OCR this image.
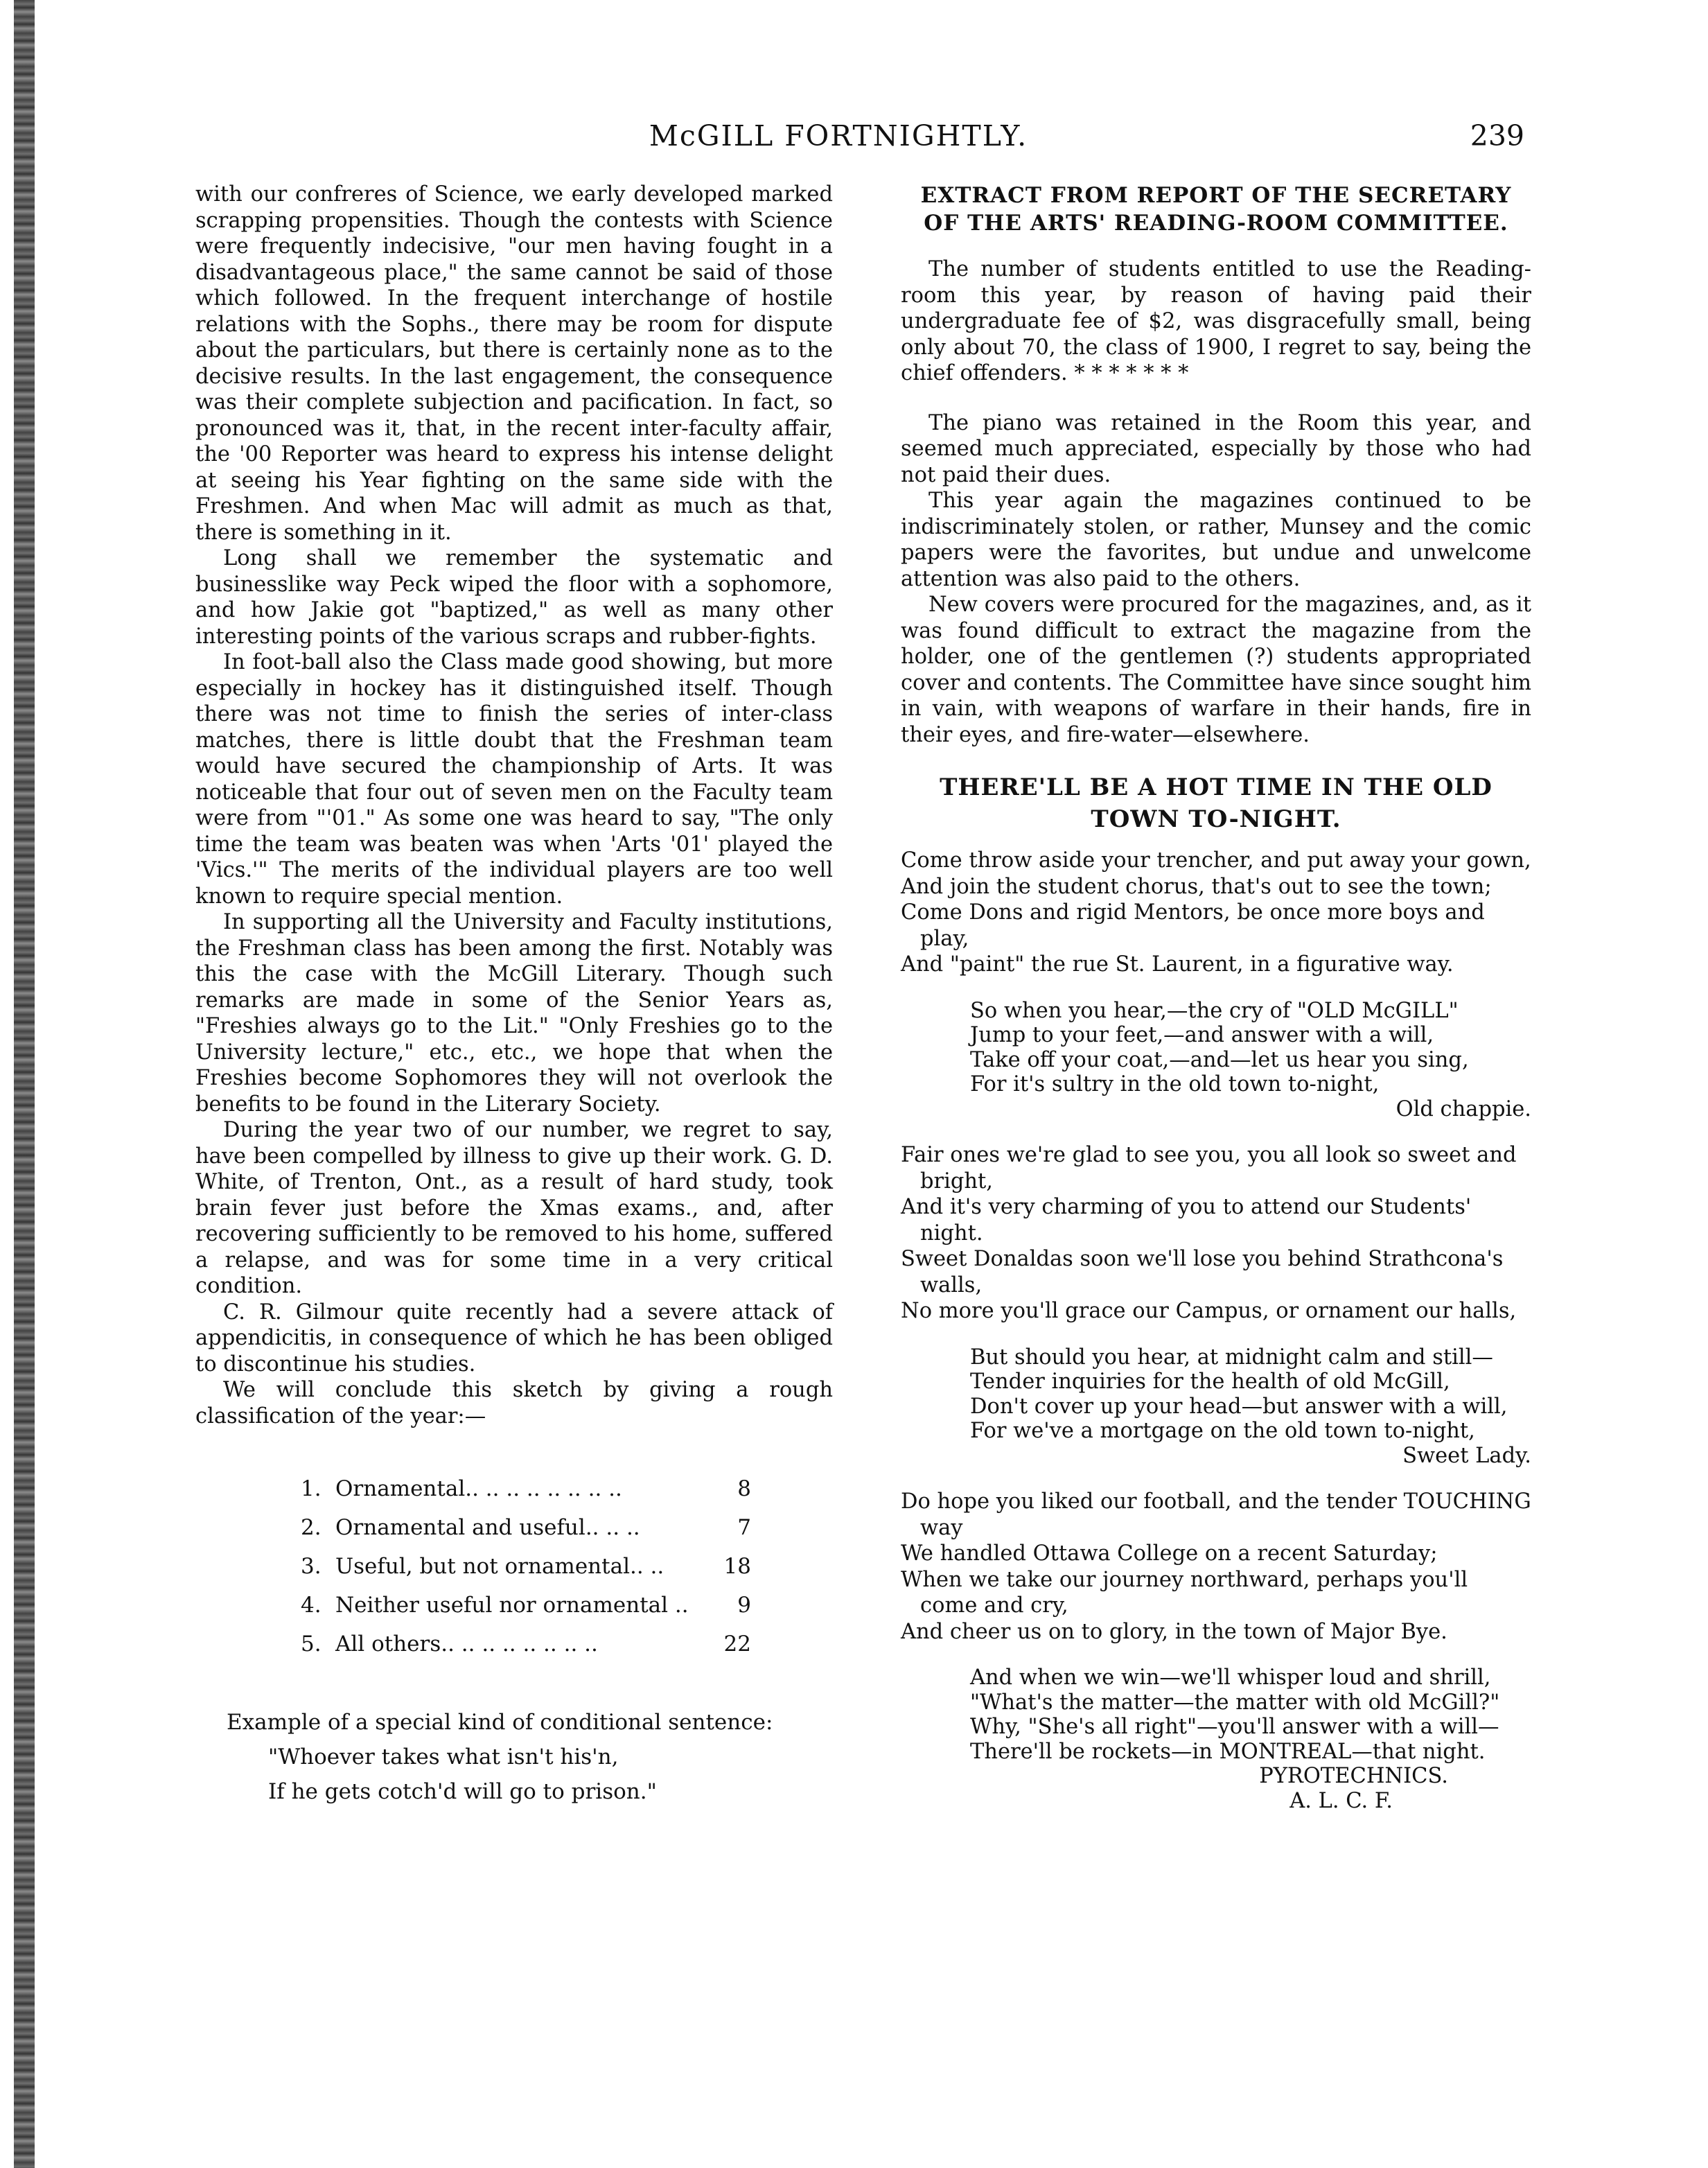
McGILL FORTNIGHTLY.	239

with our confreres of Science, we early developed marked scrapping propensities. Though the contests with Science were frequently indecisive, "our men having fought in a disadvantageous place," the same cannot be said of those which followed. In the frequent interchange of hostile relations with the Sophs., there may be room for dispute about the particulars, but there is certainly none as to the decisive results. In the last engagement, the consequence was their complete subjection and pacification. In fact, so pronounced was it, that, in the recent inter-faculty affair, the '00 Reporter was heard to express his intense delight at seeing his Year fighting on the same side with the Freshmen. And when Mac will admit as much as that, there is something in it.

Long shall we remember the systematic and businesslike way Peck wiped the floor with a sophomore, and how Jakie got "baptized," as well as many other interesting points of the various scraps and rubber-fights.

In foot-ball also the Class made good showing, but more especially in hockey has it distinguished itself. Though there was not time to finish the series of inter-class matches, there is little doubt that the Freshman team would have secured the championship of Arts. It was noticeable that four out of seven men on the Faculty team were from "'01." As some one was heard to say, "The only time the team was beaten was when 'Arts '01' played the 'Vics.'" The merits of the individual players are too well known to require special mention.

In supporting all the University and Faculty institutions, the Freshman class has been among the first. Notably was this the case with the McGill Literary. Though such remarks are made in some of the Senior Years as, "Freshies always go to the Lit." "Only Freshies go to the University lecture," etc., etc., we hope that when the Freshies become Sophomores they will not overlook the benefits to be found in the Literary Society.

During the year two of our number, we regret to say, have been compelled by illness to give up their work. G. D. White, of Trenton, Ont., as a result of hard study, took brain fever just before the Xmas exams., and, after recovering sufficiently to be removed to his home, suffered a relapse, and was for some time in a very critical condition.

C. R. Gilmour quite recently had a severe attack of appendicitis, in consequence of which he has been obliged to discontinue his studies.

We will conclude this sketch by giving a rough classification of the year:—

1. Ornamental.. .. .. .. .. .. .. ..	8
2. Ornamental and useful.. .. ..	7
3. Useful, but not ornamental.. ..	18
4. Neither useful nor ornamental ..	9
5. All others.. .. .. .. .. .. .. ..	22
Example of a special kind of conditional sentence:
"Whoever takes what isn't his'n,
If he gets cotch'd will go to prison."
EXTRACT FROM REPORT OF THE SECRETARY OF THE ARTS' READING-ROOM COMMITTEE.

The number of students entitled to use the Reading-room this year, by reason of having paid their undergraduate fee of $2, was disgracefully small, being only about 70, the class of 1900, I regret to say, being the chief offenders. * * * * * * *

The piano was retained in the Room this year, and seemed much appreciated, especially by those who had not paid their dues.

This year again the magazines continued to be indiscriminately stolen, or rather, Munsey and the comic papers were the favorites, but undue and unwelcome attention was also paid to the others.

New covers were procured for the magazines, and, as it was found difficult to extract the magazine from the holder, one of the gentlemen (?) students appropriated cover and contents. The Committee have since sought him in vain, with weapons of warfare in their hands, fire in their eyes, and fire-water—elsewhere.

THERE'LL BE A HOT TIME IN THE OLD TOWN TO-NIGHT.
Come throw aside your trencher, and put away your gown,
And join the student chorus, that's out to see the town;
Come Dons and rigid Mentors, be once more boys and play,
And "paint" the rue St. Laurent, in a figurative way.
So when you hear,—the cry of "OLD McGILL"
Jump to your feet,—and answer with a will,
Take off your coat,—and—let us hear you sing,
For it's sultry in the old town to-night,
Old chappie.
Fair ones we're glad to see you, you all look so sweet and bright,
And it's very charming of you to attend our Students' night.
Sweet Donaldas soon we'll lose you behind Strathcona's walls,
No more you'll grace our Campus, or ornament our halls,
But should you hear, at midnight calm and still—
Tender inquiries for the health of old McGill,
Don't cover up your head—but answer with a will,
For we've a mortgage on the old town to-night,
Sweet Lady.
Do hope you liked our football, and the tender TOUCHING way
We handled Ottawa College on a recent Saturday;
When we take our journey northward, perhaps you'll come and cry,
And cheer us on to glory, in the town of Major Bye.
And when we win—we'll whisper loud and shrill,
"What's the matter—the matter with old McGill?"
Why, "She's all right"—you'll answer with a will—
There'll be rockets—in MONTREAL—that night.
PYROTECHNICS.
A. L. C. F.
